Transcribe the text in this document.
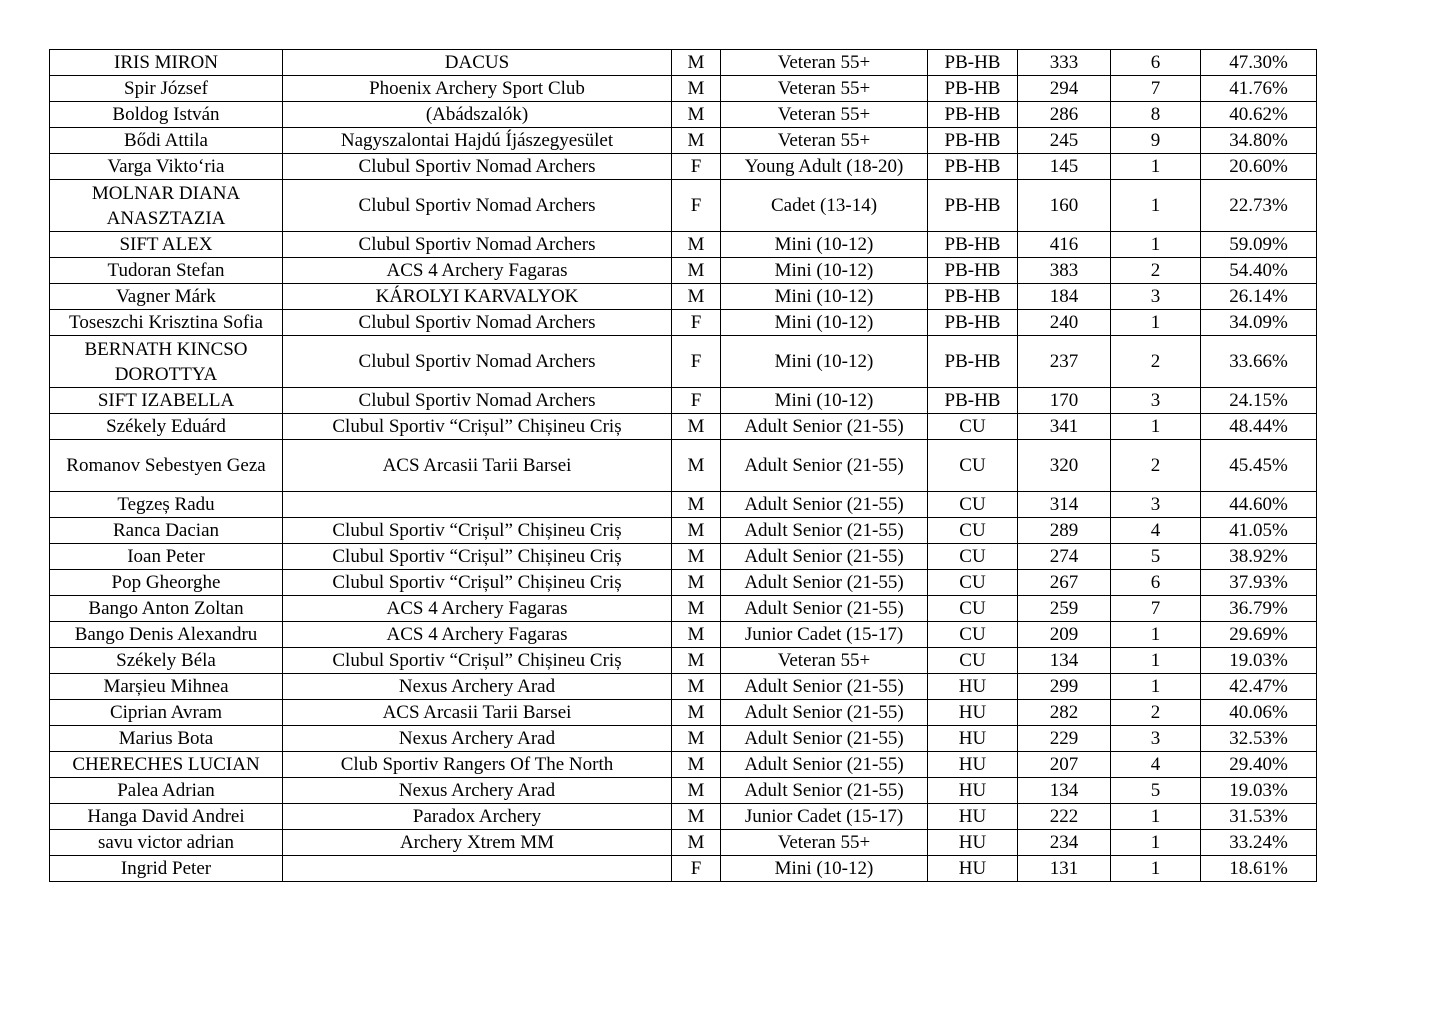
IRIS MIRON	DACUS	M	Veteran 55+	PB-HB	333	6	47.30%
Spir József	Phoenix Archery Sport Club	M	Veteran 55+	PB-HB	294	7	41.76%
Boldog István	(Abádszalók)	M	Veteran 55+	PB-HB	286	8	40.62%
Bődi Attila	Nagyszalontai Hajdú Íjászegyesület	M	Veteran 55+	PB-HB	245	9	34.80%
Varga Vikto‘ria	Clubul Sportiv Nomad Archers	F	Young Adult (18-20)	PB-HB	145	1	20.60%
MOLNAR DIANA ANASZTAZIA	Clubul Sportiv Nomad Archers	F	Cadet (13-14)	PB-HB	160	1	22.73%
SIFT ALEX	Clubul Sportiv Nomad Archers	M	Mini (10-12)	PB-HB	416	1	59.09%
Tudoran Stefan	ACS 4 Archery Fagaras	M	Mini (10-12)	PB-HB	383	2	54.40%
Vagner Márk	KÁROLYI KARVALYOK	M	Mini (10-12)	PB-HB	184	3	26.14%
Toseszchi Krisztina Sofia	Clubul Sportiv Nomad Archers	F	Mini (10-12)	PB-HB	240	1	34.09%
BERNATH KINCSO DOROTTYA	Clubul Sportiv Nomad Archers	F	Mini (10-12)	PB-HB	237	2	33.66%
SIFT IZABELLA	Clubul Sportiv Nomad Archers	F	Mini (10-12)	PB-HB	170	3	24.15%
Székely Eduárd	Clubul Sportiv “Crișul” Chișineu Criș	M	Adult Senior (21-55)	CU	341	1	48.44%
Romanov Sebestyen Geza	ACS Arcasii Tarii Barsei	M	Adult Senior (21-55)	CU	320	2	45.45%
Tegzeș Radu		M	Adult Senior (21-55)	CU	314	3	44.60%
Ranca Dacian	Clubul Sportiv “Crișul” Chișineu Criș	M	Adult Senior (21-55)	CU	289	4	41.05%
Ioan Peter	Clubul Sportiv “Crișul” Chișineu Criș	M	Adult Senior (21-55)	CU	274	5	38.92%
Pop Gheorghe	Clubul Sportiv “Crișul” Chișineu Criș	M	Adult Senior (21-55)	CU	267	6	37.93%
Bango Anton Zoltan	ACS 4 Archery Fagaras	M	Adult Senior (21-55)	CU	259	7	36.79%
Bango Denis Alexandru	ACS 4 Archery Fagaras	M	Junior Cadet (15-17)	CU	209	1	29.69%
Székely Béla	Clubul Sportiv “Crișul” Chișineu Criș	M	Veteran 55+	CU	134	1	19.03%
Marșieu Mihnea	Nexus Archery Arad	M	Adult Senior (21-55)	HU	299	1	42.47%
Ciprian Avram	ACS Arcasii Tarii Barsei	M	Adult Senior (21-55)	HU	282	2	40.06%
Marius Bota	Nexus Archery Arad	M	Adult Senior (21-55)	HU	229	3	32.53%
CHERECHES LUCIAN	Club Sportiv Rangers Of The North	M	Adult Senior (21-55)	HU	207	4	29.40%
Palea Adrian	Nexus Archery Arad	M	Adult Senior (21-55)	HU	134	5	19.03%
Hanga David Andrei	Paradox Archery	M	Junior Cadet (15-17)	HU	222	1	31.53%
savu victor adrian	Archery Xtrem MM	M	Veteran 55+	HU	234	1	33.24%
Ingrid Peter		F	Mini (10-12)	HU	131	1	18.61%
